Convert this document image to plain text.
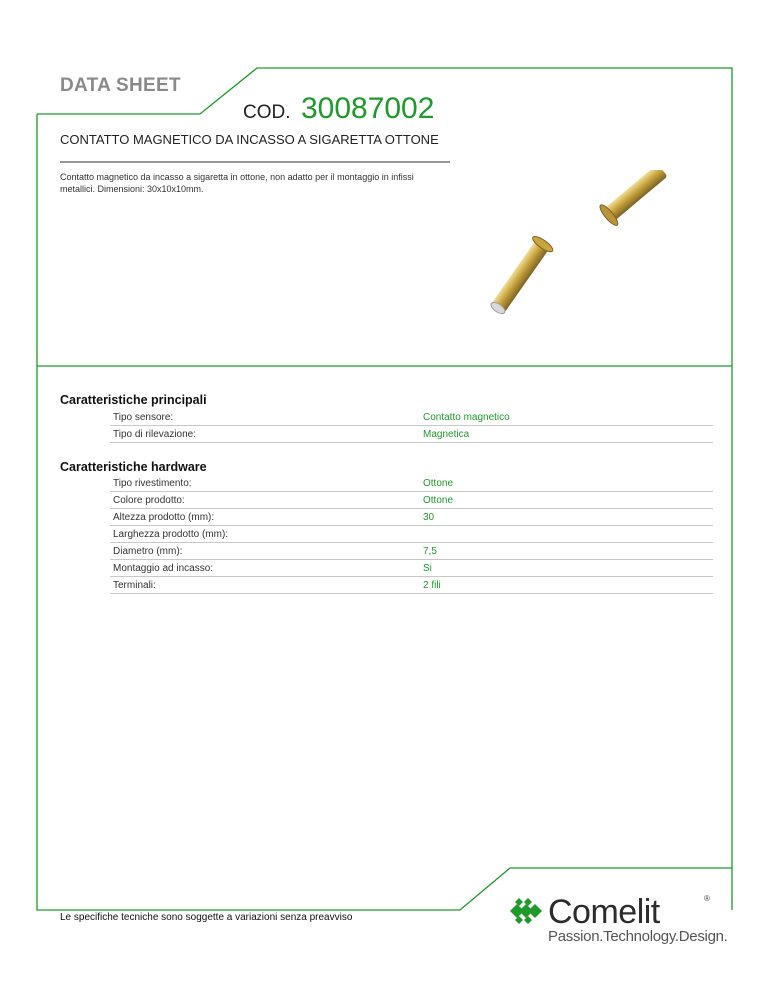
DATA SHEET
COD. 30087002
CONTATTO MAGNETICO DA INCASSO A SIGARETTA OTTONE
Contatto magnetico da incasso a sigaretta in ottone, non adatto per il montaggio in infissi metallici. Dimensioni: 30x10x10mm.
Caratteristiche principali
Tipo sensore:	Contatto magnetico
Tipo di rilevazione:	Magnetica
Caratteristiche hardware
Tipo rivestimento:	Ottone
Colore prodotto:	Ottone
Altezza prodotto (mm):	30
Larghezza prodotto (mm):
Diametro (mm):	7,5
Montaggio ad incasso:	Si
Terminali:	2 fili
Le specifiche tecniche sono soggette a variazioni senza preavviso	Comelit	®
Passion.Technology.Design.
